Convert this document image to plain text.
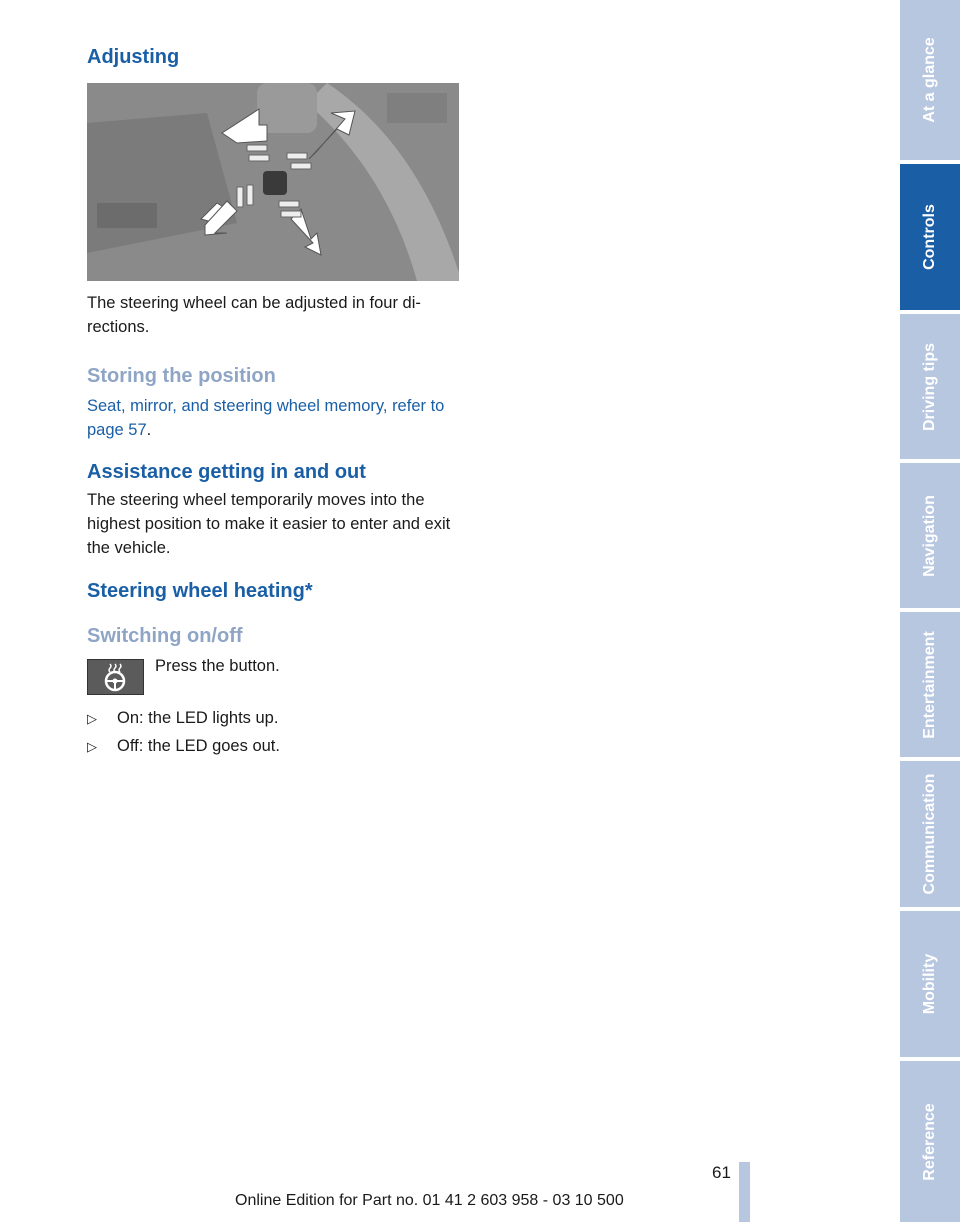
Adjusting

The steering wheel can be adjusted in four di- rections.

Storing the position

Seat, mirror, and steering wheel memory, refer to page 57.

Assistance getting in and out

The steering wheel temporarily moves into the highest position to make it easier to enter and exit the vehicle.

Steering wheel heating*
Switching on/off
Press the button.
▷ On: the LED lights up.
▷ Off: the LED goes out.
61
Online Edition for Part no. 01 41 2 603 958 - 03 10 500
At a glance
Controls
Driving tips
Navigation
Entertainment
Communication
Mobility
Reference
